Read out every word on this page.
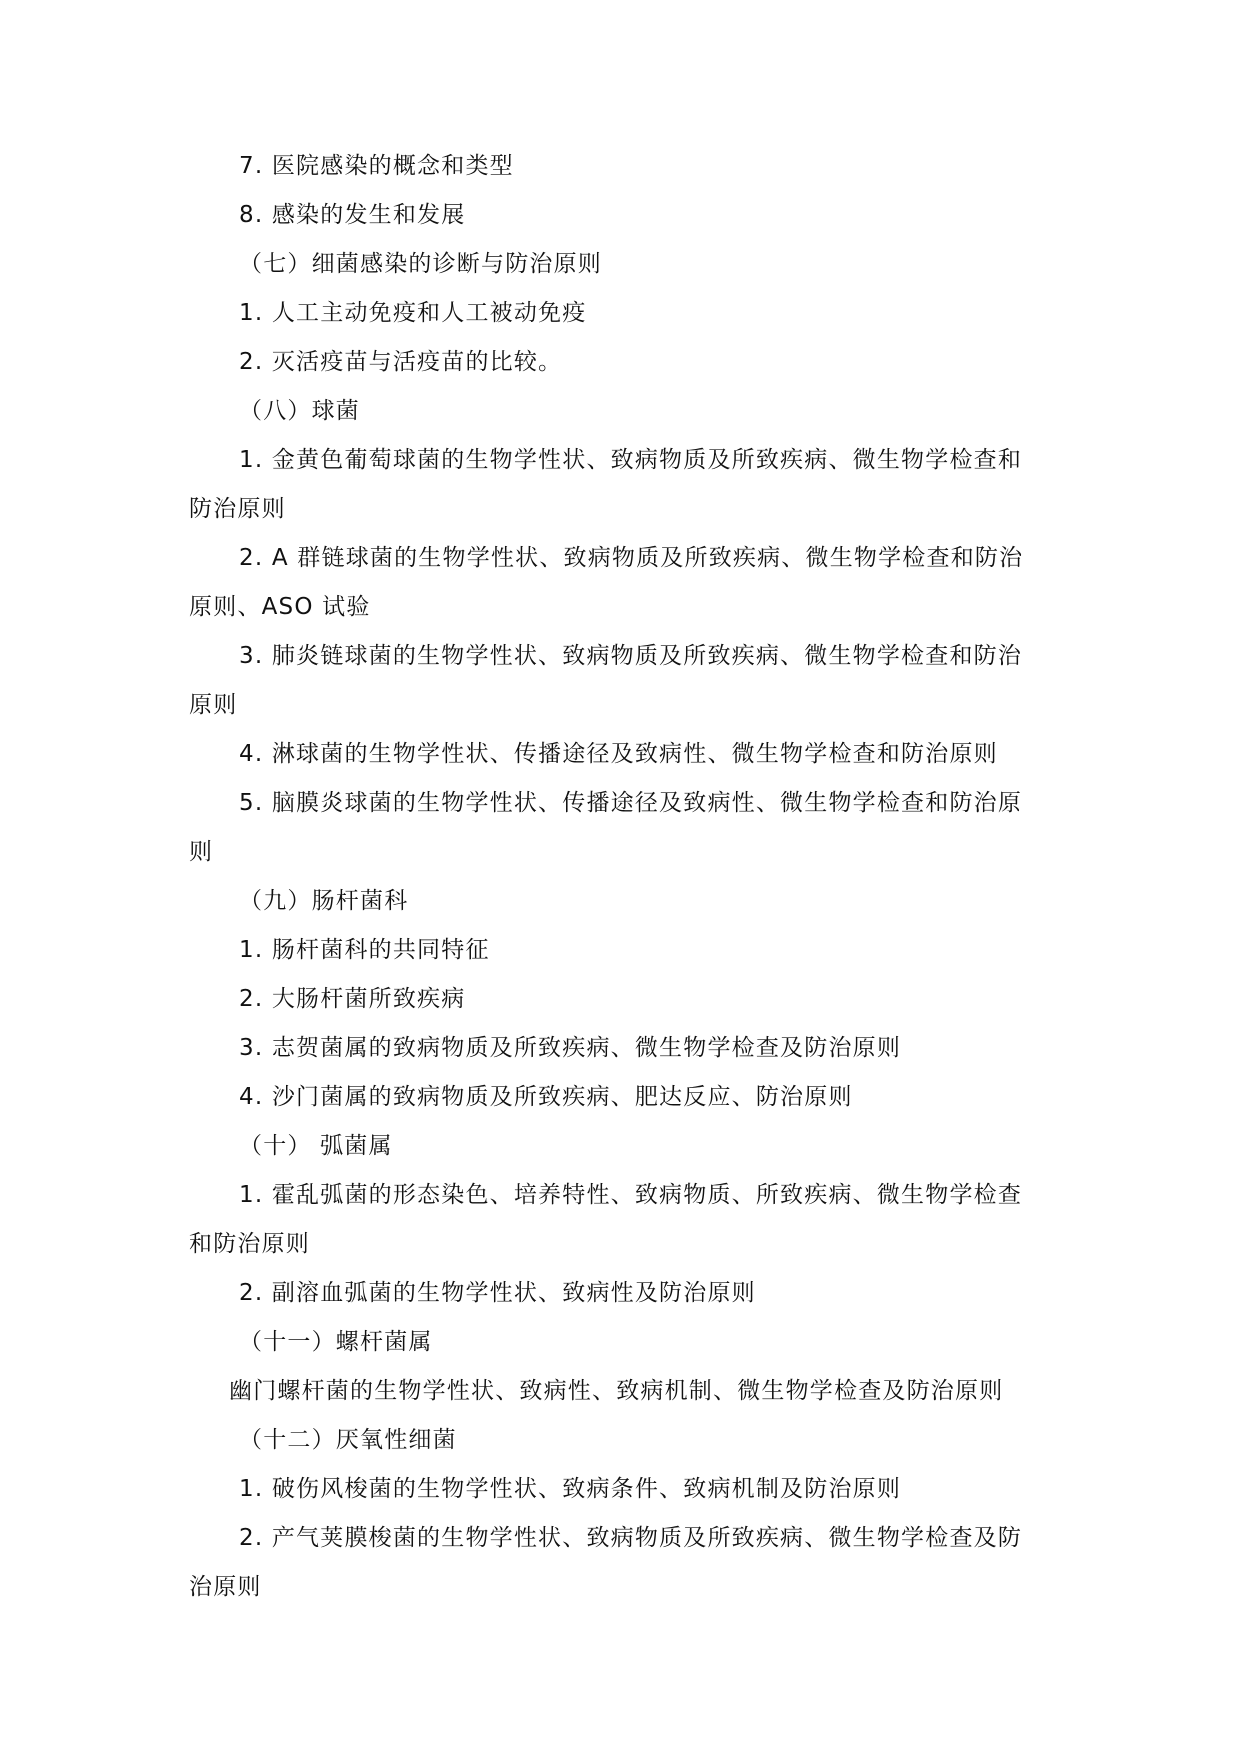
7. 医院感染的概念和类型
8. 感染的发生和发展
（七）细菌感染的诊断与防治原则
1. 人工主动免疫和人工被动免疫
2. 灭活疫苗与活疫苗的比较。
（八）球菌
1. 金黄色葡萄球菌的生物学性状、致病物质及所致疾病、微生物学检查和
防治原则
2. A 群链球菌的生物学性状、致病物质及所致疾病、微生物学检查和防治
原则、ASO 试验
3. 肺炎链球菌的生物学性状、致病物质及所致疾病、微生物学检查和防治
原则
4. 淋球菌的生物学性状、传播途径及致病性、微生物学检查和防治原则
5. 脑膜炎球菌的生物学性状、传播途径及致病性、微生物学检查和防治原
则
（九）肠杆菌科
1. 肠杆菌科的共同特征
2. 大肠杆菌所致疾病
3. 志贺菌属的致病物质及所致疾病、微生物学检查及防治原则
4. 沙门菌属的致病物质及所致疾病、肥达反应、防治原则
（十） 弧菌属
1. 霍乱弧菌的形态染色、培养特性、致病物质、所致疾病、微生物学检查
和防治原则
2. 副溶血弧菌的生物学性状、致病性及防治原则
（十一）螺杆菌属
幽门螺杆菌的生物学性状、致病性、致病机制、微生物学检查及防治原则
（十二）厌氧性细菌
1. 破伤风梭菌的生物学性状、致病条件、致病机制及防治原则
2. 产气荚膜梭菌的生物学性状、致病物质及所致疾病、微生物学检查及防
治原则
